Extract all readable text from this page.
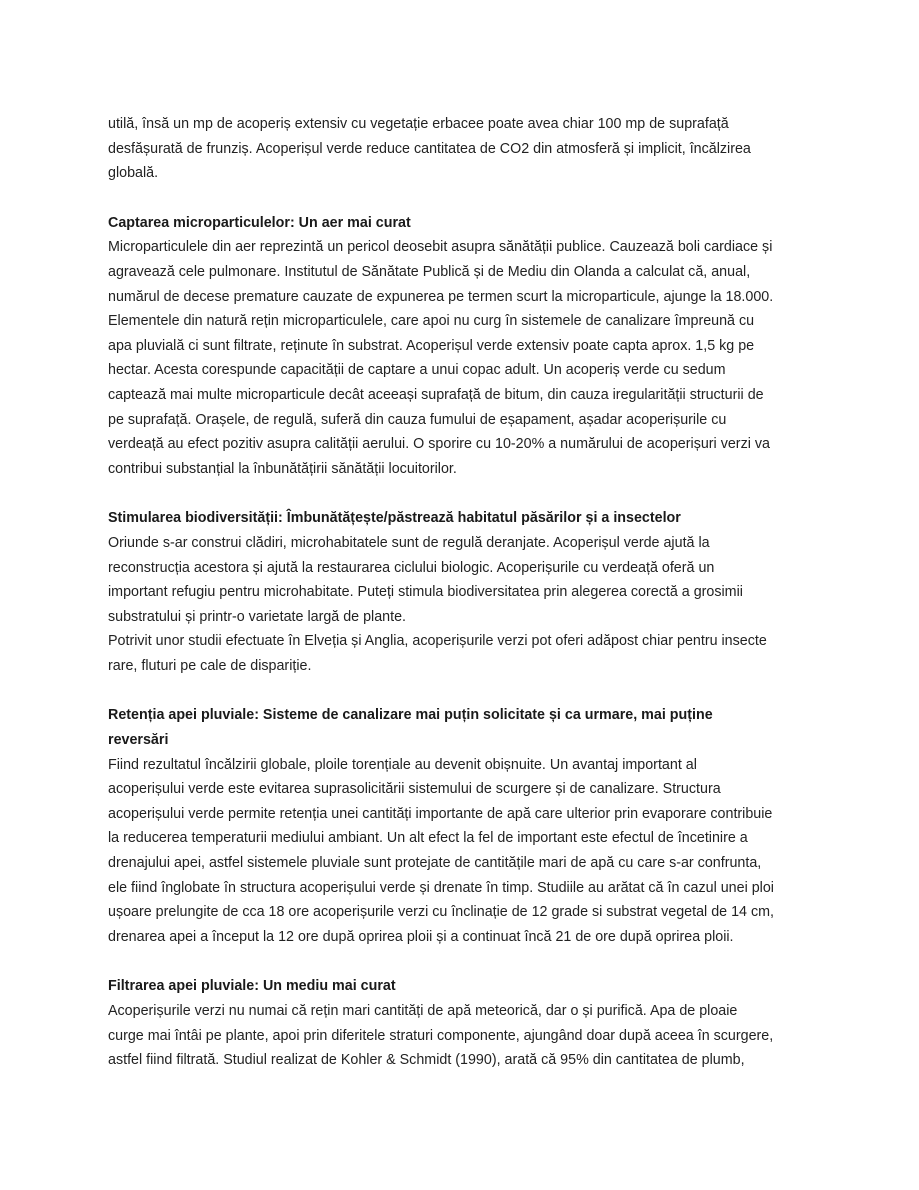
utilă, însă un mp de acoperiș extensiv cu vegetație erbacee poate avea chiar 100 mp de suprafață
desfășurată de frunziș. Acoperișul verde reduce cantitatea de CO2 din atmosferă și implicit, încălzirea
globală.

Captarea microparticulelor: Un aer mai curat

Microparticulele din aer reprezintă un pericol deosebit asupra sănătății publice. Cauzează boli cardiace și
agravează cele pulmonare. Institutul de Sănătate Publică și de Mediu din Olanda a calculat că, anual,
numărul de decese premature cauzate de expunerea pe termen scurt la microparticule, ajunge la 18.000.
Elementele din natură rețin microparticulele, care apoi nu curg în sistemele de canalizare împreună cu
apa pluvială ci sunt filtrate, reținute în substrat. Acoperișul verde extensiv poate capta aprox. 1,5 kg pe
hectar. Acesta corespunde capacității de captare a unui copac adult. Un acoperiș verde cu sedum
captează mai multe microparticule decât aceeași suprafață de bitum, din cauza iregularității structurii de
pe suprafață. Orașele, de regulă, suferă din cauza fumului de eșapament, așadar acoperișurile cu
verdeață au efect pozitiv asupra calității aerului. O sporire cu 10-20% a numărului de acoperișuri verzi va
contribui substanțial la înbunătățirii sănătății locuitorilor.

Stimularea biodiversității: Îmbunătățește/păstrează habitatul păsărilor și a insectelor

Oriunde s-ar construi clădiri, microhabitatele sunt de regulă deranjate. Acoperișul verde ajută la
reconstrucția acestora și ajută la restaurarea ciclului biologic. Acoperișurile cu verdeață oferă un
important refugiu pentru microhabitate. Puteți stimula biodiversitatea prin alegerea corectă a grosimii
substratului și printr-o varietate largă de plante.

Potrivit unor studii efectuate în Elveția și Anglia, acoperișurile verzi pot oferi adăpost chiar pentru insecte
rare, fluturi pe cale de dispariție.

Retenția apei pluviale: Sisteme de canalizare mai puțin solicitate și ca urmare, mai puține
reversări

Fiind rezultatul încălzirii globale, ploile torențiale au devenit obișnuite. Un avantaj important al
acoperișului verde este evitarea suprasolicitării sistemului de scurgere și de canalizare. Structura
acoperișului verde permite retenția unei cantități importante de apă care ulterior prin evaporare contribuie
la reducerea temperaturii mediului ambiant. Un alt efect la fel de important este efectul de încetinire a
drenajului apei, astfel sistemele pluviale sunt protejate de cantitățile mari de apă cu care s-ar confrunta,
ele fiind înglobate în structura acoperișului verde și drenate în timp. Studiile au arătat că în cazul unei ploi
ușoare prelungite de cca 18 ore acoperișurile verzi cu înclinație de 12 grade si substrat vegetal de 14 cm,
drenarea apei a început la 12 ore după oprirea ploii și a continuat încă 21 de ore după oprirea ploii.

Filtrarea apei pluviale: Un mediu mai curat

Acoperișurile verzi nu numai că rețin mari cantități de apă meteorică, dar o și purifică. Apa de ploaie
curge mai întâi pe plante, apoi prin diferitele straturi componente, ajungând doar după aceea în scurgere,
astfel fiind filtrată. Studiul realizat de Kohler & Schmidt (1990), arată că 95% din cantitatea de plumb,
